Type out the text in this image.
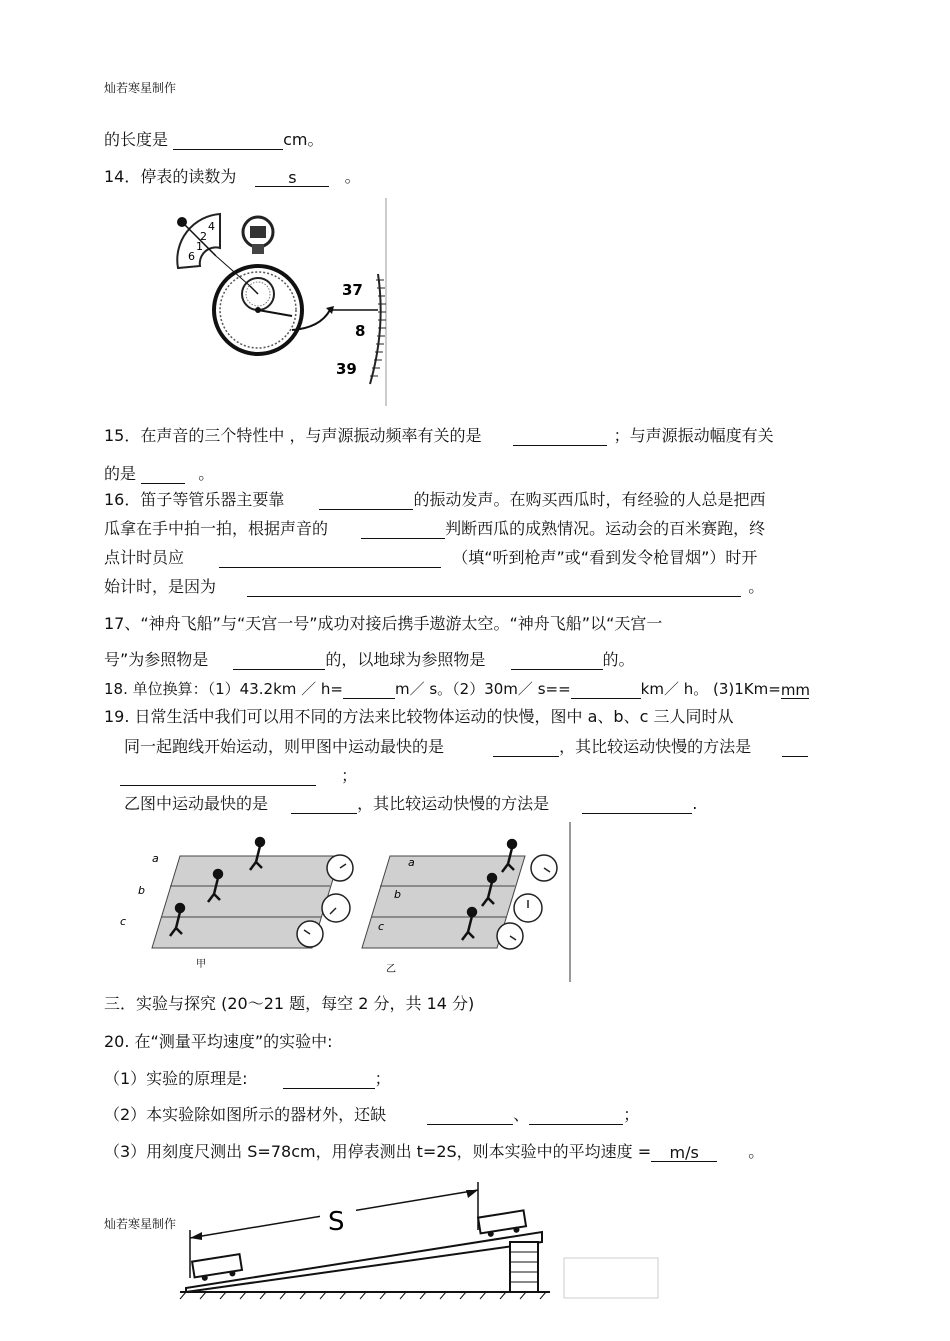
灿若寒星制作
的长度是	cm。
14．停表的读数为	s	。
1
2
4
6
37
8
39
15．在声音的三个特性中 ，与声源振动频率有关的是	；与声源振动幅度有关
的是	。
16．笛子等管乐器主要靠	的振动发声。在购买西瓜时，有经验的人总是把西
瓜拿在手中拍一拍，根据声音的	判断西瓜的成熟情况。运动会的百米赛跑，终
点计时员应	（填“听到枪声”或“看到发令枪冒烟”）时开
始计时，是因为	。
17、“神舟飞船”与“天宫一号”成功对接后携手遨游太空。“神舟飞船”以“天宫一
号”为参照物是	的，以地球为参照物是	的。
18. 单位换算：（1）43.2km ／ h=	m／ s。（2）30m／ s==	km／ h。 (3)1Km=mm
19. 日常生活中我们可以用不同的方法来比较物体运动的快慢，图中 a、b、c 三人同时从
同一起跑线开始运动，则甲图中运动最快的是	，其比较运动快慢的方法是
；
乙图中运动最快的是	，其比较运动快慢的方法是	.
a
b
c
甲
a
b
c
乙
三．实验与探究 (20～21 题，每空 2 分，共 14 分)
20. 在“测量平均速度”的实验中:
（1）实验的原理是:	；
（2）本实验除如图所示的器材外，还缺	、	；
（3）用刻度尺测出 S=78cm，用停表测出 t=2S，则本实验中的平均速度 = m/s	。
S
灿若寒星制作
